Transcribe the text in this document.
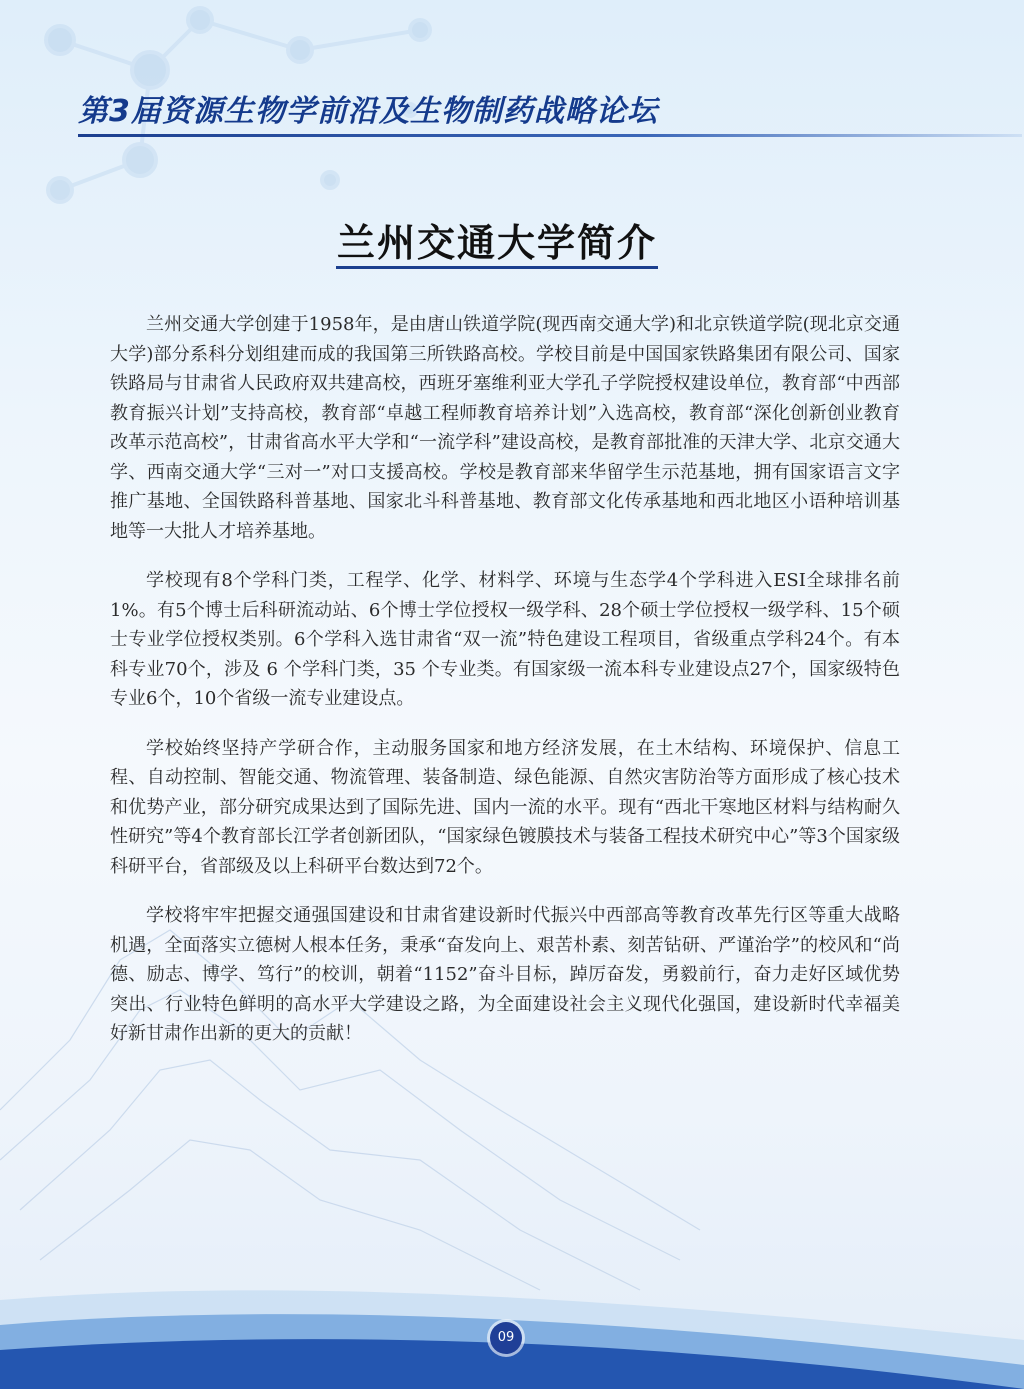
第3届资源生物学前沿及生物制药战略论坛
兰州交通大学简介

兰州交通大学创建于1958年，是由唐山铁道学院(现西南交通大学)和北京铁道学院(现北京交通大学)部分系科分划组建而成的我国第三所铁路高校。学校目前是中国国家铁路集团有限公司、国家铁路局与甘肃省人民政府双共建高校，西班牙塞维利亚大学孔子学院授权建设单位，教育部“中西部教育振兴计划”支持高校，教育部“卓越工程师教育培养计划”入选高校，教育部“深化创新创业教育改革示范高校”，甘肃省高水平大学和“一流学科”建设高校，是教育部批准的天津大学、北京交通大学、西南交通大学“三对一”对口支援高校。学校是教育部来华留学生示范基地，拥有国家语言文字推广基地、全国铁路科普基地、国家北斗科普基地、教育部文化传承基地和西北地区小语种培训基地等一大批人才培养基地。

学校现有8个学科门类，工程学、化学、材料学、环境与生态学4个学科进入ESI全球排名前1%。有5个博士后科研流动站、6个博士学位授权一级学科、28个硕士学位授权一级学科、15个硕士专业学位授权类别。6个学科入选甘肃省“双一流”特色建设工程项目，省级重点学科24个。有本科专业70个，涉及 6 个学科门类，35 个专业类。有国家级一流本科专业建设点27个，国家级特色专业6个，10个省级一流专业建设点。

学校始终坚持产学研合作，主动服务国家和地方经济发展，在土木结构、环境保护、信息工程、自动控制、智能交通、物流管理、装备制造、绿色能源、自然灾害防治等方面形成了核心技术和优势产业，部分研究成果达到了国际先进、国内一流的水平。现有“西北干寒地区材料与结构耐久性研究”等4个教育部长江学者创新团队，“国家绿色镀膜技术与装备工程技术研究中心”等3个国家级科研平台，省部级及以上科研平台数达到72个。

学校将牢牢把握交通强国建设和甘肃省建设新时代振兴中西部高等教育改革先行区等重大战略机遇，全面落实立德树人根本任务，秉承“奋发向上、艰苦朴素、刻苦钻研、严谨治学”的校风和“尚德、励志、博学、笃行”的校训，朝着“1152”奋斗目标，踔厉奋发，勇毅前行，奋力走好区域优势突出、行业特色鲜明的高水平大学建设之路，为全面建设社会主义现代化强国，建设新时代幸福美好新甘肃作出新的更大的贡献！

09
